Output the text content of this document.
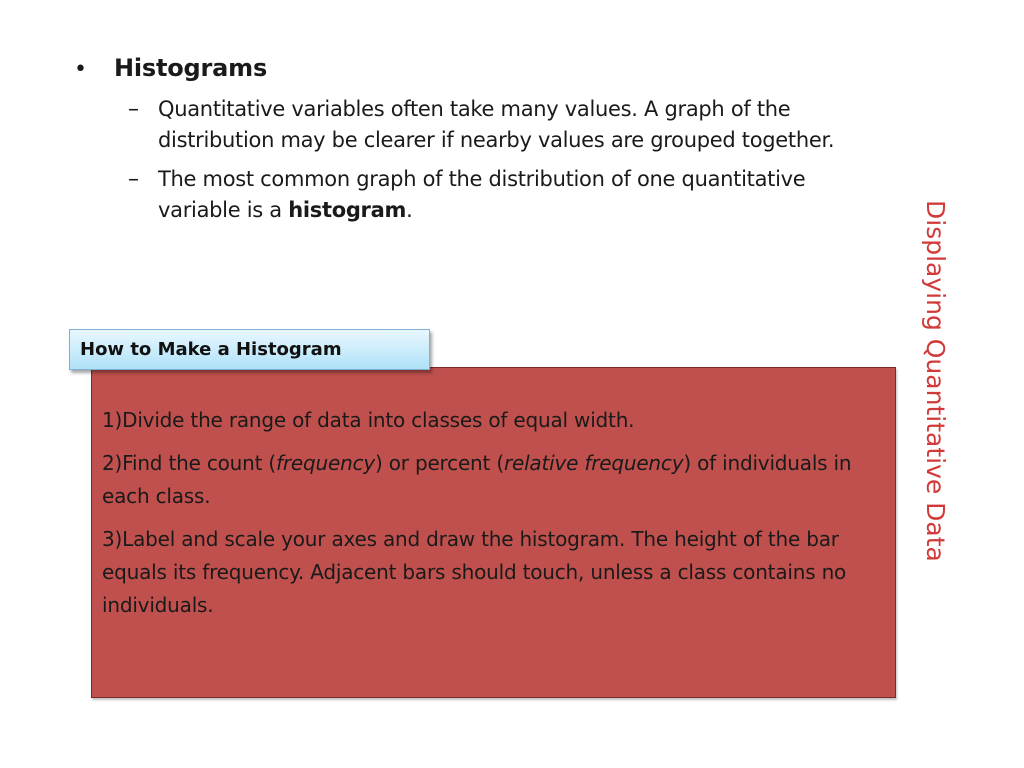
•	Histograms
– Quantitative variables often take many values. A graph of the distribution may be clearer if nearby values are grouped together.
– The most common graph of the distribution of one quantitative variable is a histogram.	Displaying Quantitative Data
1)Divide the range of data into classes of equal width.
2)Find the count (frequency) or percent (relative frequency) of individuals in each class.
3)Label and scale your axes and draw the histogram. The height of the bar equals its frequency. Adjacent bars should touch, unless a class contains no individuals.
How to Make a Histogram
